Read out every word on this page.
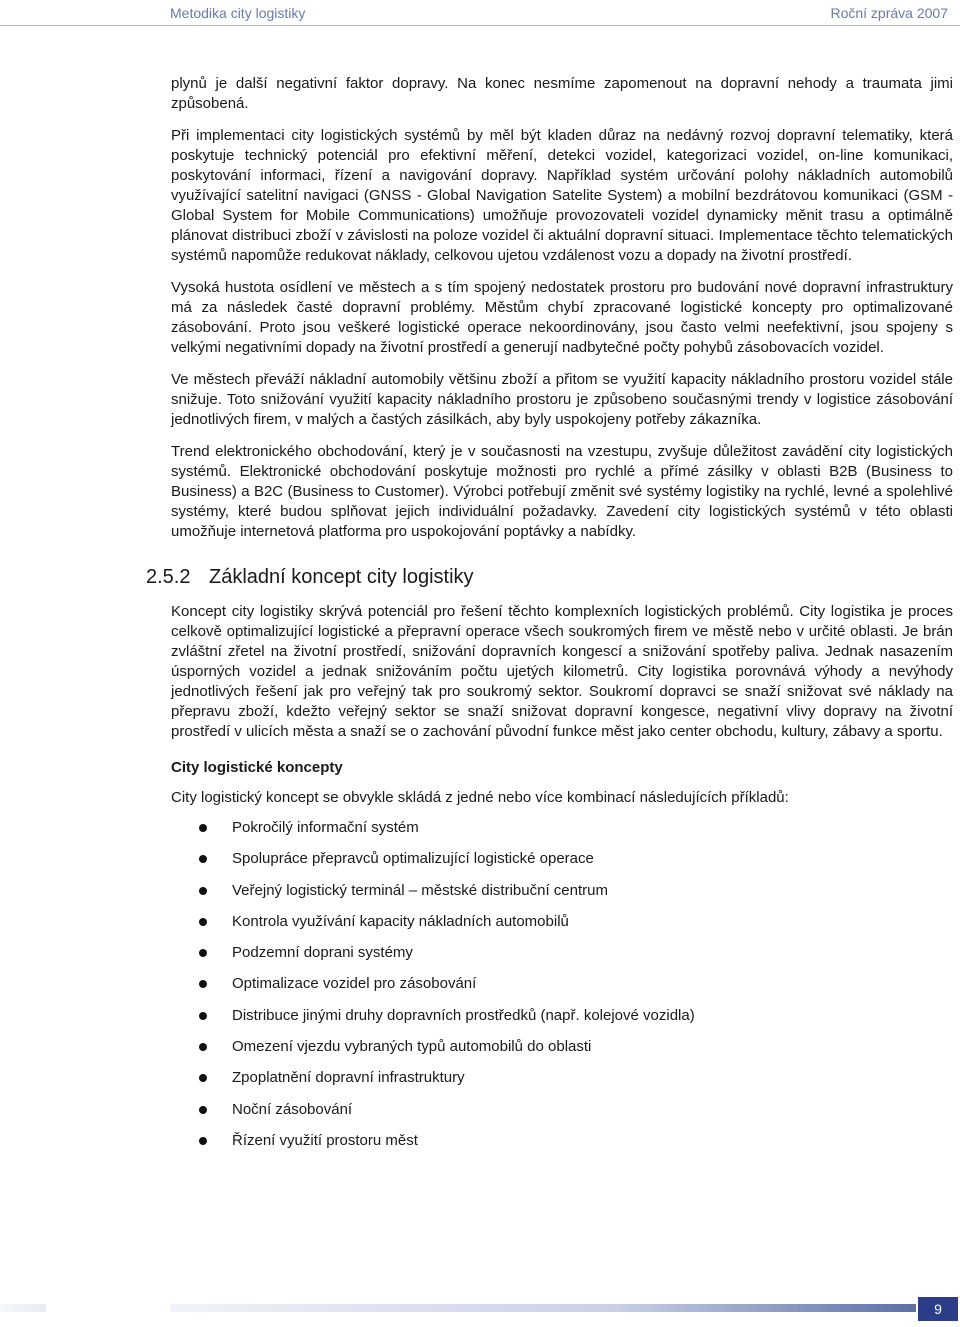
Metodika city logistiky	Roční zpráva 2007

plynů je další negativní faktor dopravy. Na konec nesmíme zapomenout na dopravní nehody a traumata jimi způsobená.

Při implementaci city logistických systémů by měl být kladen důraz na nedávný rozvoj dopravní telematiky, která poskytuje technický potenciál pro efektivní měření, detekci vozidel, kategorizaci vozidel, on-line komunikaci, poskytování informaci, řízení a navigování dopravy. Například systém určování polohy nákladních automobilů využívající satelitní navigaci (GNSS - Global Navigation Satelite System) a mobilní bezdrátovou komunikaci (GSM - Global System for Mobile Communications) umožňuje provozovateli vozidel dynamicky měnit trasu a optimálně plánovat distribuci zboží v závislosti na poloze vozidel či aktuální dopravní situaci. Implementace těchto telematických systémů napomůže redukovat náklady, celkovou ujetou vzdálenost vozu a dopady na životní prostředí.

Vysoká hustota osídlení ve městech a s tím spojený nedostatek prostoru pro budování nové dopravní infrastruktury má za následek časté dopravní problémy. Městům chybí zpracované logistické koncepty pro optimalizované zásobování. Proto jsou veškeré logistické operace nekoordinovány, jsou často velmi neefektivní, jsou spojeny s velkými negativními dopady na životní prostředí a generují nadbytečné počty pohybů zásobovacích vozidel.

Ve městech převáží nákladní automobily většinu zboží a přitom se využití kapacity nákladního prostoru vozidel stále snižuje. Toto snižování využití kapacity nákladního prostoru je způsobeno současnými trendy v logistice zásobování jednotlivých firem, v malých a častých zásilkách, aby byly uspokojeny potřeby zákazníka.

Trend elektronického obchodování, který je v současnosti na vzestupu, zvyšuje důležitost zavádění city logistických systémů. Elektronické obchodování poskytuje možnosti pro rychlé a přímé zásilky v oblasti B2B (Business to Business) a B2C (Business to Customer). Výrobci potřebují změnit své systémy logistiky na rychlé, levné a spolehlivé systémy, které budou splňovat jejich individuální požadavky. Zavedení city logistických systémů v této oblasti umožňuje internetová platforma pro uspokojování poptávky a nabídky.

2.5.2 Základní koncept city logistiky

Koncept city logistiky skrývá potenciál pro řešení těchto komplexních logistických problémů. City logistika je proces celkově optimalizující logistické a přepravní operace všech soukromých firem ve městě nebo v určité oblasti. Je brán zvláštní zřetel na životní prostředí, snižování dopravních kongescí a snižování spotřeby paliva. Jednak nasazením úsporných vozidel a jednak snižováním počtu ujetých kilometrů. City logistika porovnává výhody a nevýhody jednotlivých řešení jak pro veřejný tak pro soukromý sektor. Soukromí dopravci se snaží snižovat své náklady na přepravu zboží, kdežto veřejný sektor se snaží snižovat dopravní kongesce, negativní vlivy dopravy na životní prostředí v ulicích města a snaží se o zachování původní funkce měst jako center obchodu, kultury, zábavy a sportu.

City logistické koncepty

City logistický koncept se obvykle skládá z jedné nebo více kombinací následujících příkladů:

Pokročilý informační systém
Spolupráce přepravců optimalizující logistické operace
Veřejný logistický terminál – městské distribuční centrum
Kontrola využívání kapacity nákladních automobilů
Podzemní doprani systémy
Optimalizace vozidel pro zásobování
Distribuce jinými druhy dopravních prostředků (např. kolejové vozidla)
Omezení vjezdu vybraných typů automobilů do oblasti
Zpoplatnění dopravní infrastruktury
Noční zásobování
Řízení využití prostoru měst
9
